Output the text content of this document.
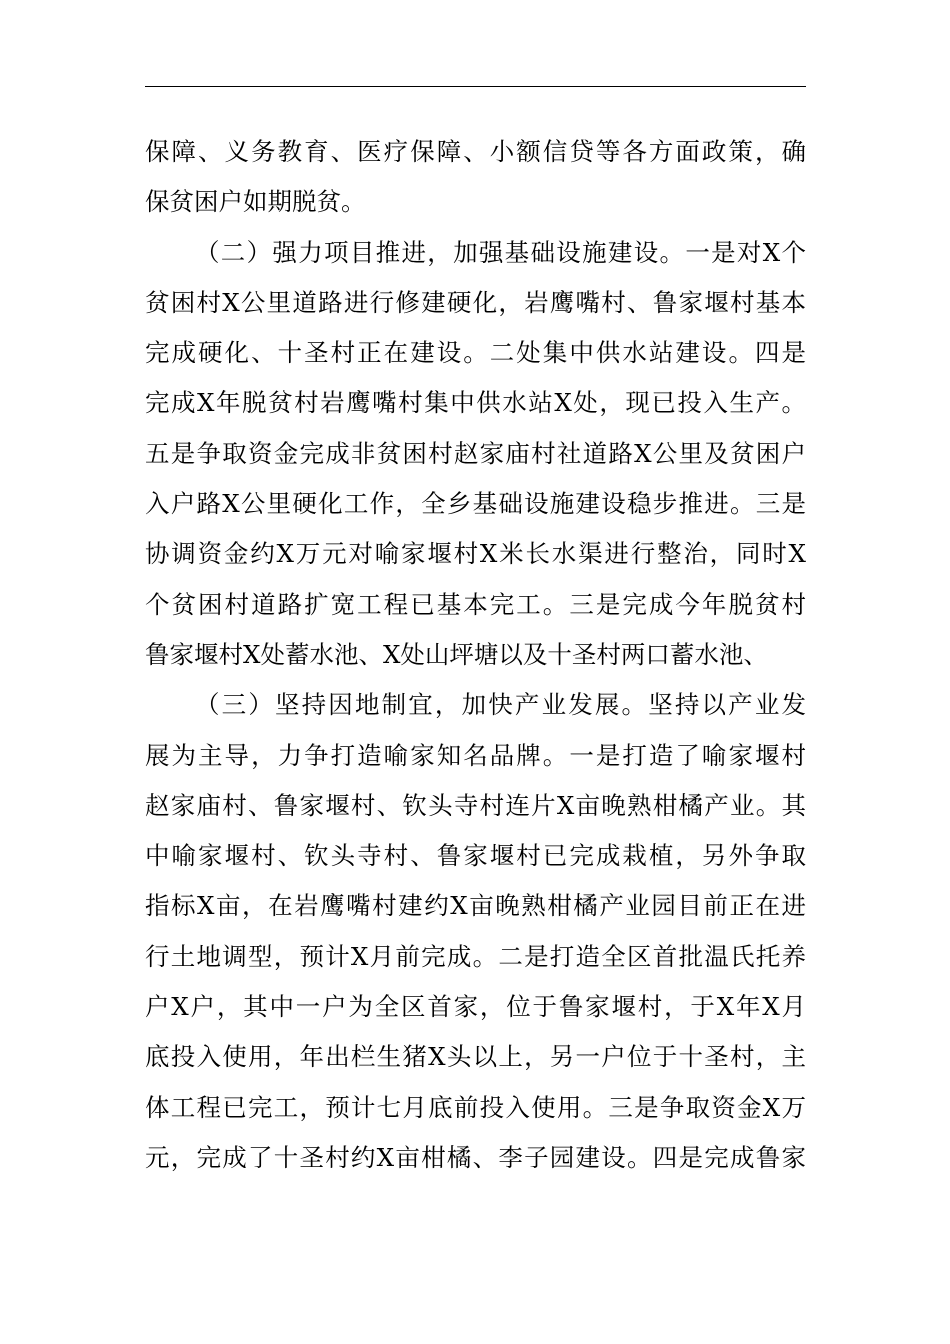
保障、义务教育、医疗保障、小额信贷等各方面政策，确
保贫困户如期脱贫。
（二）强力项目推进，加强基础设施建设。一是对X个
贫困村X公里道路进行修建硬化，岩鹰嘴村、鲁家堰村基本
完成硬化、十圣村正在建设。二处集中供水站建设。四是
完成X年脱贫村岩鹰嘴村集中供水站X处，现已投入生产。
五是争取资金完成非贫困村赵家庙村社道路X公里及贫困户
入户路X公里硬化工作，全乡基础设施建设稳步推进。三是
协调资金约X万元对喻家堰村X米长水渠进行整治，同时X
个贫困村道路扩宽工程已基本完工。三是完成今年脱贫村
鲁家堰村X处蓄水池、X处山坪塘以及十圣村两口蓄水池、
（三）坚持因地制宜，加快产业发展。坚持以产业发
展为主导，力争打造喻家知名品牌。一是打造了喻家堰村
赵家庙村、鲁家堰村、钦头寺村连片X亩晚熟柑橘产业。其
中喻家堰村、钦头寺村、鲁家堰村已完成栽植，另外争取
指标X亩，在岩鹰嘴村建约X亩晚熟柑橘产业园目前正在进
行土地调型，预计X月前完成。二是打造全区首批温氏托养
户X户，其中一户为全区首家，位于鲁家堰村，于X年X月
底投入使用，年出栏生猪X头以上，另一户位于十圣村，主
体工程已完工，预计七月底前投入使用。三是争取资金X万
元，完成了十圣村约X亩柑橘、李子园建设。四是完成鲁家
